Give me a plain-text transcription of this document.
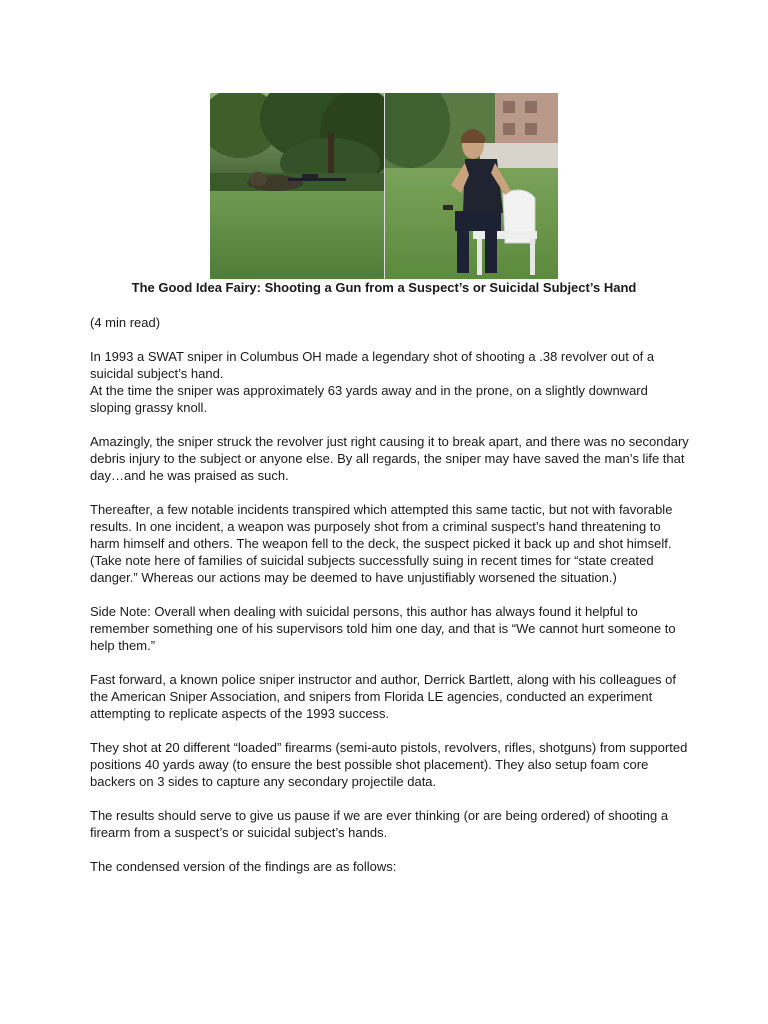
The Good Idea Fairy: Shooting a Gun from a Suspect’s or Suicidal Subject’s Hand

(4 min read)

In 1993 a SWAT sniper in Columbus OH made a legendary shot of shooting a .38 revolver out of a suicidal subject’s hand.

At the time the sniper was approximately 63 yards away and in the prone, on a slightly downward sloping grassy knoll.

Amazingly, the sniper struck the revolver just right causing it to break apart, and there was no secondary debris injury to the subject or anyone else. By all regards, the sniper may have saved the man’s life that day…and he was praised as such.

Thereafter, a few notable incidents transpired which attempted this same tactic, but not with favorable results. In one incident, a weapon was purposely shot from a criminal suspect’s hand threatening to harm himself and others. The weapon fell to the deck, the suspect picked it back up and shot himself. (Take note here of families of suicidal subjects successfully suing in recent times for “state created danger.” Whereas our actions may be deemed to have unjustifiably worsened the situation.)

Side Note: Overall when dealing with suicidal persons, this author has always found it helpful to remember something one of his supervisors told him one day, and that is “We cannot hurt someone to help them.”

Fast forward, a known police sniper instructor and author, Derrick Bartlett, along with his colleagues of the American Sniper Association, and snipers from Florida LE agencies, conducted an experiment attempting to replicate aspects of the 1993 success.

They shot at 20 different “loaded” firearms (semi-auto pistols, revolvers, rifles, shotguns) from supported positions 40 yards away (to ensure the best possible shot placement). They also setup foam core backers on 3 sides to capture any secondary projectile data.

The results should serve to give us pause if we are ever thinking (or are being ordered) of shooting a firearm from a suspect’s or suicidal subject’s hands.

The condensed version of the findings are as follows:
